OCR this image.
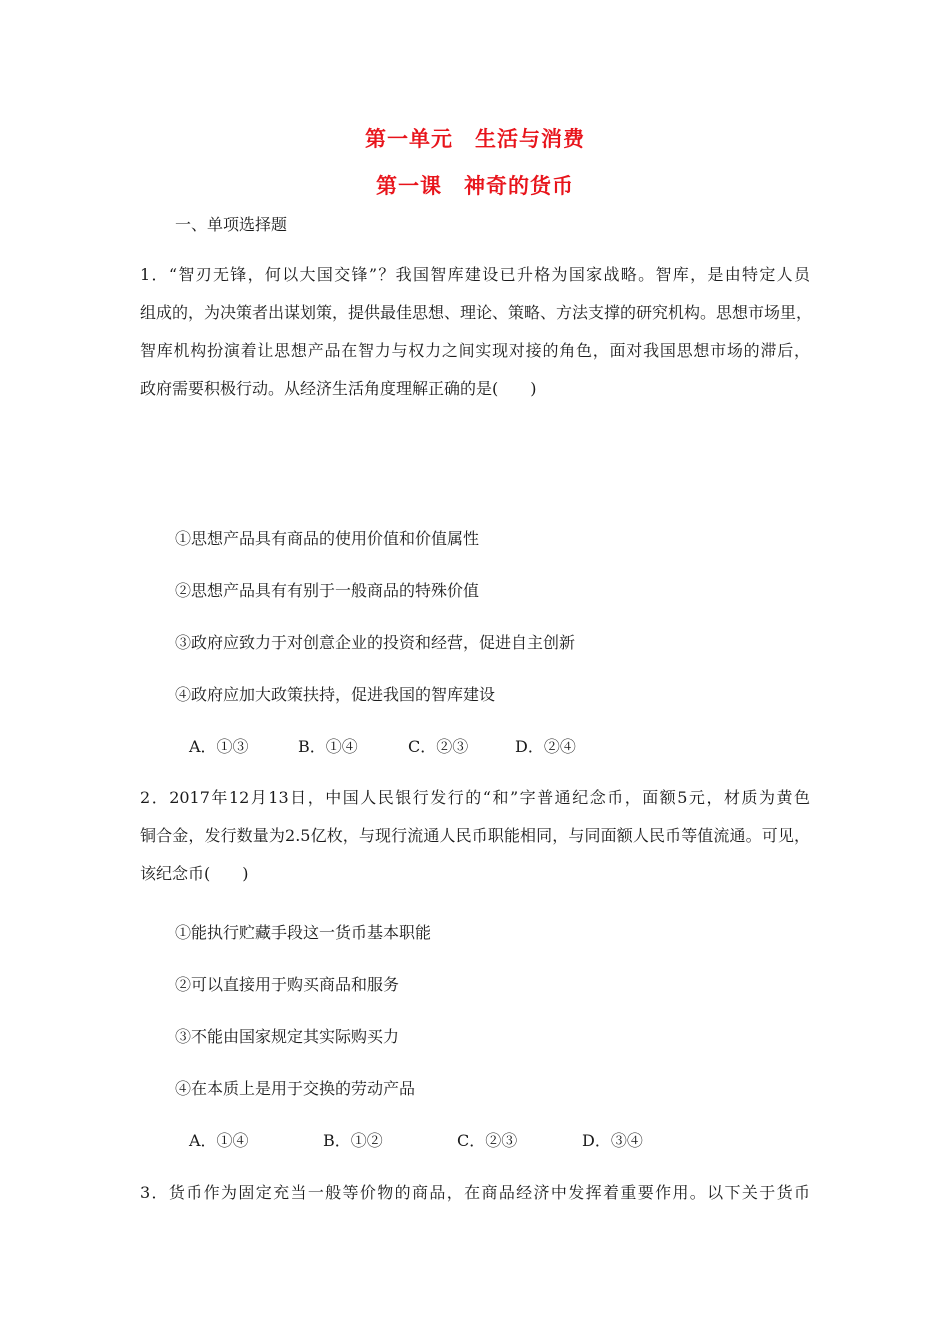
第一单元　生活与消费
第一课　神奇的货币
一、单项选择题
1．“智刃无锋，何以大国交锋”？我国智库建设已升格为国家战略。智库，是由特定人员
组成的，为决策者出谋划策，提供最佳思想、理论、策略、方法支撑的研究机构。思想市场里，
智库机构扮演着让思想产品在智力与权力之间实现对接的角色，面对我国思想市场的滞后，
政府需要积极行动。从经济生活角度理解正确的是(　　)
①思想产品具有商品的使用价值和价值属性
②思想产品具有有别于一般商品的特殊价值
③政府应致力于对创意企业的投资和经营，促进自主创新
④政府应加大政策扶持，促进我国的智库建设
A．①③	B．①④	C．②③	D．②④
2．2017年12月13日，中国人民银行发行的“和”字普通纪念币，面额5元，材质为黄色
铜合金，发行数量为2.5亿枚，与现行流通人民币职能相同，与同面额人民币等值流通。可见，
该纪念币(　　)
①能执行贮藏手段这一货币基本职能
②可以直接用于购买商品和服务
③不能由国家规定其实际购买力
④在本质上是用于交换的劳动产品
A．①④	B．①②	C．②③	D．③④
3．货币作为固定充当一般等价物的商品，在商品经济中发挥着重要作用。以下关于货币
